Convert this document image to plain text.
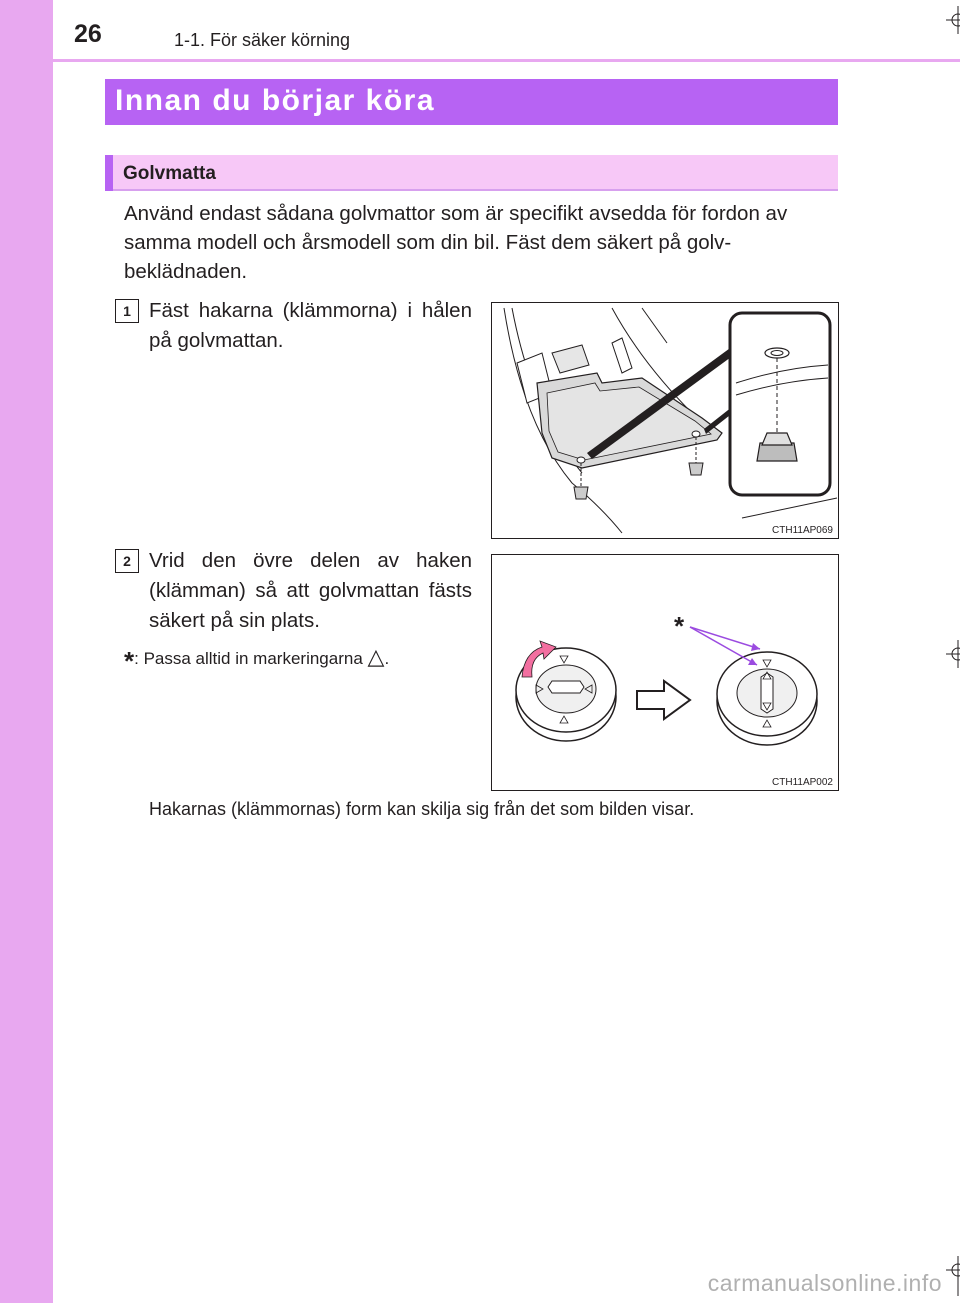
26	1-1. För säker körning
Innan du börjar köra
Golvmatta
Använd endast sådana golvmattor som är specifikt avsedda för fordon av samma modell och årsmodell som din bil. Fäst dem säkert på golv-beklädnaden.
1 Fäst hakarna (klämmorna) i hålen på golvmattan.
CTH11AP069
2 Vrid den övre delen av haken (klämman) så att golvmattan fästs säkert på sin plats.
*: Passa alltid in markeringarna △.
*
CTH11AP002
Hakarnas (klämmornas) form kan skilja sig från det som bilden visar.
carmanualsonline.info
